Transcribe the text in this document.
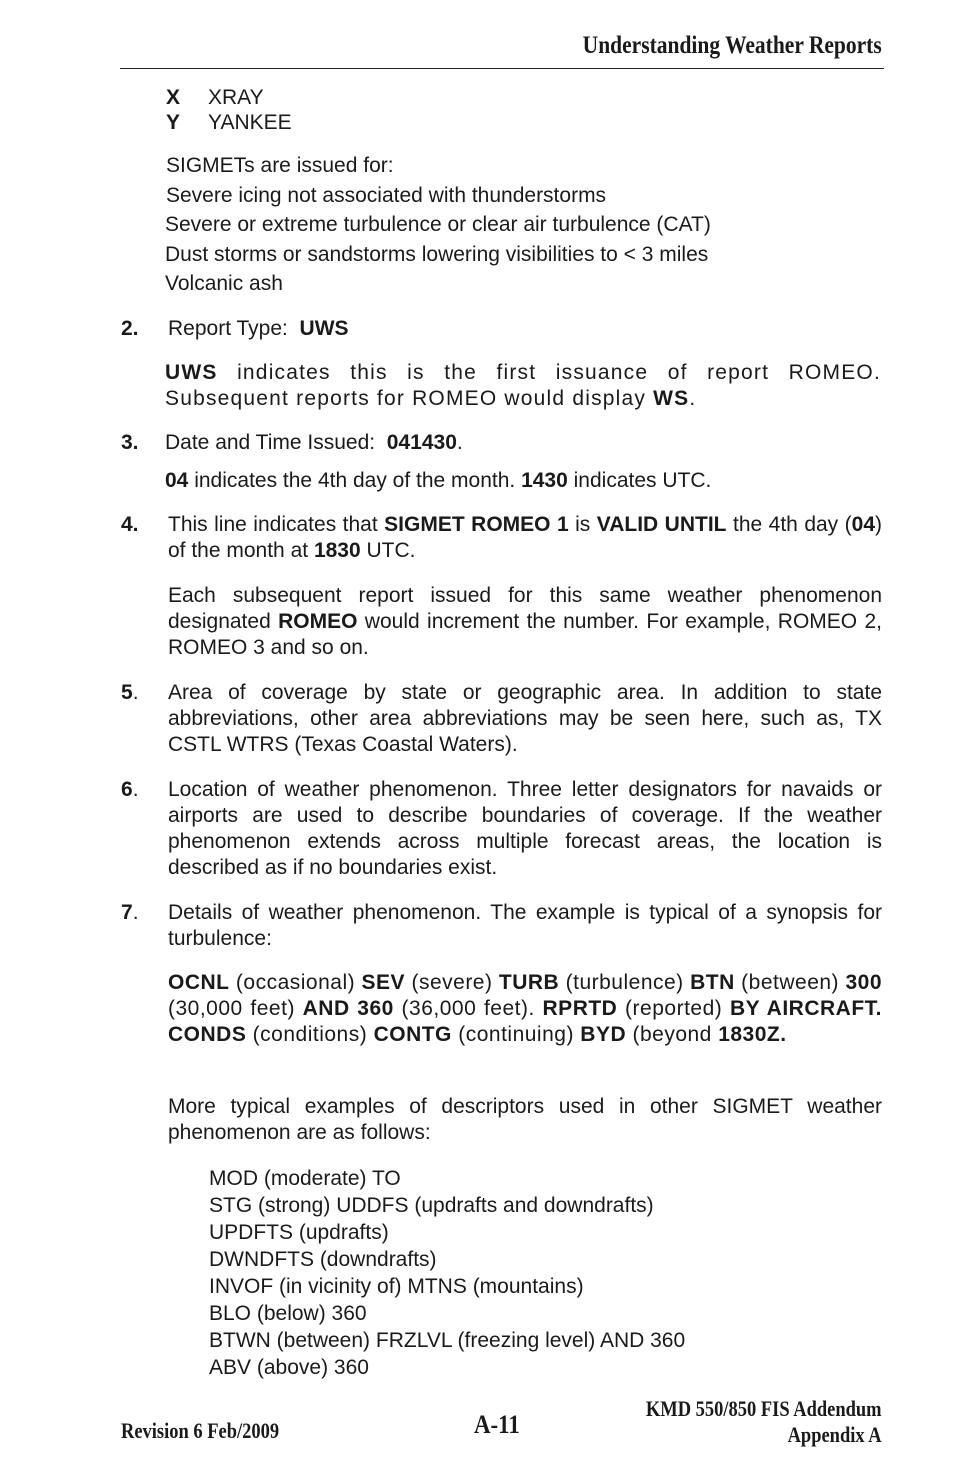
Understanding Weather Reports
X XRAY
Y YANKEE
SIGMETs are issued for:
Severe icing not associated with thunderstorms
Severe or extreme turbulence or clear air turbulence (CAT)
Dust storms or sandstorms lowering visibilities to < 3 miles
Volcanic ash
2. Report Type: UWS
UWS indicates this is the first issuance of report ROMEO. Subsequent reports for ROMEO would display WS.
3. Date and Time Issued: 041430.
04 indicates the 4th day of the month. 1430 indicates UTC.
4. This line indicates that SIGMET ROMEO 1 is VALID UNTIL the 4th day (04) of the month at 1830 UTC.
Each subsequent report issued for this same weather phenomenon designated ROMEO would increment the number. For example, ROMEO 2, ROMEO 3 and so on.
5. Area of coverage by state or geographic area. In addition to state abbreviations, other area abbreviations may be seen here, such as, TX CSTL WTRS (Texas Coastal Waters).
6. Location of weather phenomenon. Three letter designators for navaids or airports are used to describe boundaries of coverage. If the weather phenomenon extends across multiple forecast areas, the location is described as if no boundaries exist.
7. Details of weather phenomenon. The example is typical of a synopsis for turbulence:
OCNL (occasional) SEV (severe) TURB (turbulence) BTN (between) 300 (30,000 feet) AND 360 (36,000 feet). RPRTD (reported) BY AIRCRAFT. CONDS (conditions) CONTG (continuing) BYD (beyond 1830Z.
More typical examples of descriptors used in other SIGMET weather phenomenon are as follows:
MOD (moderate) TO
STG (strong) UDDFS (updrafts and downdrafts)
UPDFTS (updrafts)
DWNDFTS (downdrafts)
INVOF (in vicinity of) MTNS (mountains)
BLO (below) 360
BTWN (between) FRZLVL (freezing level) AND 360
ABV (above) 360
Revision 6 Feb/2009	A-11
KMD 550/850 FIS Addendum
Appendix A
